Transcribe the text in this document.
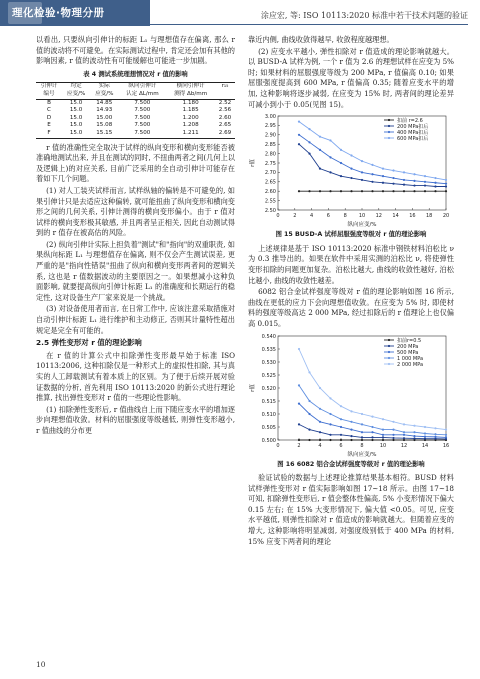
理化检验·物理分册	涂应宏, 等: ISO 10113:2020 标准中若干技术问题的验证

以看出, 只要纵向引伸计的标距 L₁ 与理想值存在偏离, 那么 r 值的波动将不可避免。在实际测试过程中, 肯定还会加有其他的影响因素, r 值的波动性有可能缓解也可能进一步加剧。

表 4 测试系统理想情况对 r 值的影响
引伸计	均定	实际	纵向引伸计	横向引伸计	r₁₅
编号	应变/%	应变/%	认定 ΔL/mm	测得 Δb/mm	
B	15.0	14.85	7.500	1.180	2.52
C	15.0	14.93	7.500	1.185	2.56
D	15.0	15.00	7.500	1.200	2.60
E	15.0	15.08	7.500	1.208	2.65
F	15.0	15.15	7.500	1.211	2.69

r 值的准确性完全取决于试样的纵向变形和横向变形能否被准确地测试出来, 并且在测试的同时, 不扭曲两者之间(几何上以及逻辑上)的对应关系, 目前广泛采用的全自动引伸计可能存在着如下几个问题。

(1) 对人工装夹试样而言, 试样纵轴的偏转是不可避免的, 如果引伸计只是去适应这种偏转, 就可能扭曲了纵向变形和横向变形之间的几何关系, 引伸计测得的横向变形偏小。由于 r 值对试样的横向变形极其敏感, 并且两者呈正相关, 因此自动测试得到的 r 值存在被高估的风险。

(2) 纵向引伸计实际上担负着"测试"和"指向"的双重职责, 如果纵向标距 L₁ 与理想值存在偏离, 则不仅会产生测试误差, 更严重的是"指向性错误"扭曲了纵向和横向变形两者间的逻辑关系, 这也是 r 值数据波动的主要原因之一。如果想减小这种负面影响, 就要提高纵向引伸计标距 L₁ 的准确度和长期运行的稳定性, 这对设备生产厂家来说是一个挑战。

(3) 对设备使用者而言, 在日常工作中, 应该注意采取措施对自动引伸计标距 L₁ 进行维护和主动修正, 否则其计量特性超出规定是完全有可能的。

2.5 弹性变形对 r 值的理论影响

在 r 值的计算公式中扣除弹性变形最早始于标准 ISO 10113:2006, 这种扣除仅是一种形式上的虚拟性扣除, 其与真实的人工卸载测试有着本质上的区别。为了便于后续开展对验证数据的分析, 首先利用 ISO 10113:2020 的新公式进行理论推算, 找出弹性变形对 r 值的一些理论性影响。

(1) 扣除弹性变形后, r 值曲线自上而下随应变水平的增加逐步向理想值收敛。材料的屈服强度等级越低, 则弹性变形越小, r 值曲线的分布更

靠近内侧, 曲线收敛得越早, 收敛程度越理想。

(2) 应变水平越小, 弹性扣除对 r 值造成的理论影响就越大。以 BUSD-A 试样为例, 一个 r 值为 2.6 的理想试样在应变为 5% 时; 如果材料的屈服强度等级为 200 MPa, r 值偏高 0.10; 如果屈服强度提高到 600 MPa, r 值偏高 0.35; 随着应变水平的增加, 这种影响将逐步减弱, 在应变为 15% 时, 两者间的理论差异可减小到小于 0.05(见图 15)。

0	2	4	6	8 10 12 14 16 18 20
2.50
2.55
2.60
2.65
2.70
2.75
2.80
2.85
2.90
2.95
3.00
纵向应变/%
r值
扣前 r=2.6
200 MPa扣后
400 MPa扣后
600 MPa扣后
图 15 BUSD-A 试样屈服强度等级对 r 值的理论影响

上述规律是基于 ISO 10113:2020 标准中钢铁材料泊松比 ν 为 0.3 推导出的。如果在软件中采用实测的泊松比 ν, 将使弹性变形扣除的问题更加复杂。泊松比越大, 曲线的收敛性越好, 泊松比越小, 曲线的收敛性越差。

6082 铝合金试样强度等级对 r 值的理论影响如图 16 所示, 曲线在更低的应力下会向理想值收敛。在应变为 5% 时, 即使材料的强度等级高达 2 000 MPa, 经过扣除后的 r 值理论上也仅偏高 0.015。

0	2	4	6	8	10	12	14	16
0.500
0.505
0.510
0.515
0.520
0.525
0.530
0.535
0.540
纵向应变/%
r值
扣前r=0.5
200 MPa
500 MPa
1 000 MPa
2 000 MPa
图 16 6082 铝合金试样强度等级对 r 值的理论影响

验证试验的数据与上述理论推算结果基本相符。BUSD 材料试样弹性变形对 r 值实际影响如图 17~18 所示。由图 17~18 可知, 扣除弹性变形后, r 值会整体性偏高, 5% 小变形情况下偏大 0.15 左右; 在 15% 大变形情况下, 偏大值 <0.05。可见, 应变水平越低, 则弹性扣除对 r 值造成的影响就越大。但随着应变的增大, 这种影响将明显减弱, 对强度级别低于 400 MPa 的材料, 15% 应变下两者间的理论

10
